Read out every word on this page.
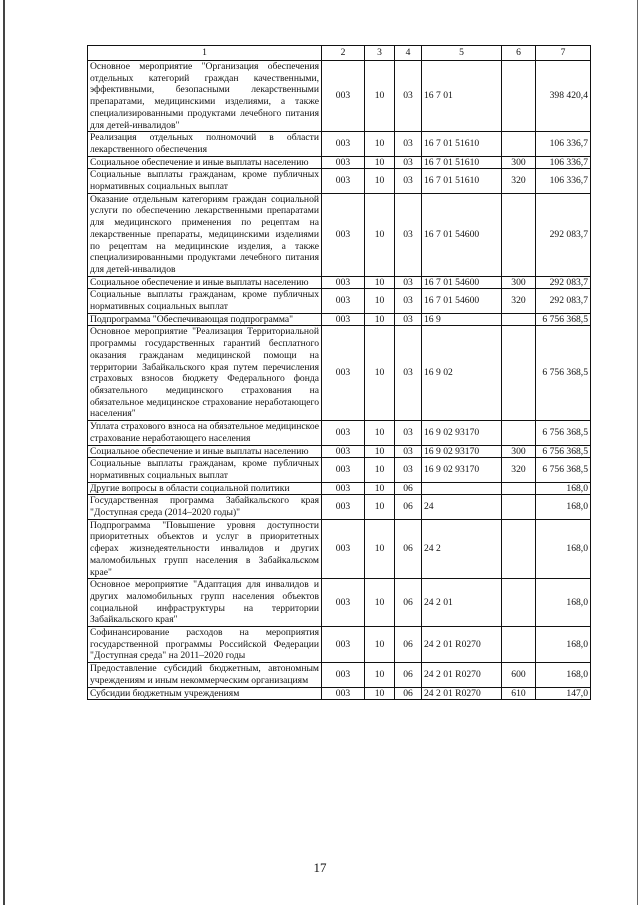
1	2	3	4	5	6	7
Основное мероприятие "Организация обеспечения отдельных категорий граждан качественными, эффективными, безопасными лекарственными препаратами, медицинскими изделиями, а также специализированными продуктами лечебного питания для детей-инвалидов"	003	10	03	16 7 01		398 420,4
Реализация отдельных полномочий в области лекарственного обеспечения	003	10	03	16 7 01 51610		106 336,7
Социальное обеспечение и иные выплаты населению	003	10	03	16 7 01 51610	300	106 336,7
Социальные выплаты гражданам, кроме публичных нормативных социальных выплат	003	10	03	16 7 01 51610	320	106 336,7
Оказание отдельным категориям граждан социальной услуги по обеспечению лекарственными препаратами для медицинского применения по рецептам на лекарственные препараты, медицинскими изделиями по рецептам на медицинские изделия, а также специализированными продуктами лечебного питания для детей-инвалидов	003	10	03	16 7 01 54600		292 083,7
Социальное обеспечение и иные выплаты населению	003	10	03	16 7 01 54600	300	292 083,7
Социальные выплаты гражданам, кроме публичных нормативных социальных выплат	003	10	03	16 7 01 54600	320	292 083,7
Подпрограмма "Обеспечивающая подпрограмма"	003	10	03	16 9		6 756 368,5
Основное мероприятие "Реализация Территориальной программы государственных гарантий бесплатного оказания гражданам медицинской помощи на территории Забайкальского края путем перечисления страховых взносов бюджету Федерального фонда обязательного медицинского страхования на обязательное медицинское страхование неработающего населения"	003	10	03	16 9 02		6 756 368,5
Уплата страхового взноса на обязательное медицинское страхование неработающего населения	003	10	03	16 9 02 93170		6 756 368,5
Социальное обеспечение и иные выплаты населению	003	10	03	16 9 02 93170	300	6 756 368,5
Социальные выплаты гражданам, кроме публичных нормативных социальных выплат	003	10	03	16 9 02 93170	320	6 756 368,5
Другие вопросы в области социальной политики	003	10	06			168,0
Государственная программа Забайкальского края "Доступная среда (2014–2020 годы)"	003	10	06	24		168,0
Подпрограмма "Повышение уровня доступности приоритетных объектов и услуг в приоритетных сферах жизнедеятельности инвалидов и других маломобильных групп населения в Забайкальском крае"	003	10	06	24 2		168,0
Основное мероприятие "Адаптация для инвалидов и других маломобильных групп населения объектов социальной инфраструктуры на территории Забайкальского края"	003	10	06	24 2 01		168,0
Софинансирование расходов на мероприятия государственной программы Российской Федерации "Доступная среда" на 2011–2020 годы	003	10	06	24 2 01 R0270		168,0
Предоставление субсидий бюджетным, автономным учреждениям и иным некоммерческим организациям	003	10	06	24 2 01 R0270	600	168,0
Субсидии бюджетным учреждениям	003	10	06	24 2 01 R0270	610	147,0
17
